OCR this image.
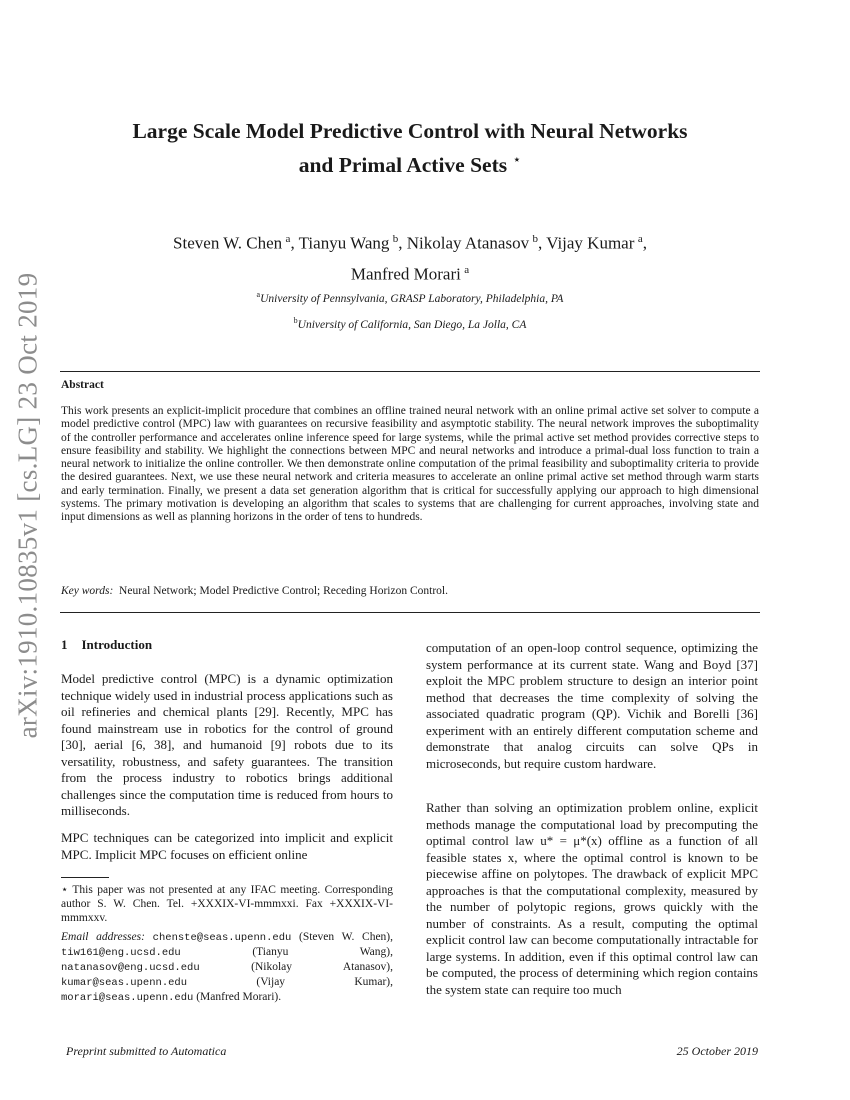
arXiv:1910.10835v1 [cs.LG] 23 Oct 2019
Large Scale Model Predictive Control with Neural Networks
and Primal Active Sets ⋆
Steven W. Chen  $^a$, Tianyu Wang  $^b$, Nikolay Atanasov  $^b$, Vijay Kumar  $^a$,
Manfred Morari  $^a$
$^a$University of Pennsylvania, GRASP Laboratory, Philadelphia, PA
$^b$University of California, San Diego, La Jolla, CA
Abstract
This work presents an explicit-implicit procedure that combines an offline trained neural network with an online primal active set solver to compute a model predictive control (MPC) law with guarantees on recursive feasibility and asymptotic stability. The neural network improves the suboptimality of the controller performance and accelerates online inference speed for large systems, while the primal active set method provides corrective steps to ensure feasibility and stability. We highlight the connections between MPC and neural networks and introduce a primal-dual loss function to train a neural network to initialize the online controller. We then demonstrate online computation of the primal feasibility and suboptimality criteria to provide the desired guarantees. Next, we use these neural network and criteria measures to accelerate an online primal active set method through warm starts and early termination. Finally, we present a data set generation algorithm that is critical for successfully applying our approach to high dimensional systems. The primary motivation is developing an algorithm that scales to systems that are challenging for current approaches, involving state and input dimensions as well as planning horizons in the order of tens to hundreds.
Key words: Neural Network; Model Predictive Control; Receding Horizon Control.
1 Introduction

Model predictive control (MPC) is a dynamic optimization technique widely used in industrial process applications such as oil refineries and chemical plants [29]. Recently, MPC has found mainstream use in robotics for the control of ground [30], aerial [6, 38], and humanoid [9] robots due to its versatility, robustness, and safety guarantees. The transition from the process industry to robotics brings additional challenges since the computation time is reduced from hours to milliseconds.

MPC techniques can be categorized into implicit and explicit MPC. Implicit MPC focuses on efficient online

⋆ This paper was not presented at any IFAC meeting. Corresponding author S. W. Chen. Tel. +XXXIX-VI-mmmxxi. Fax +XXXIX-VI-mmmxxv.

Email addresses: chenste@seas.upenn.edu (Steven W. Chen), tiw161@eng.ucsd.edu	(Tianyu Wang), natanasov@eng.ucsd.edu	(Nikolay Atanasov), kumar@seas.upenn.edu	(Vijay Kumar), morari@seas.upenn.edu (Manfred Morari).

computation of an open-loop control sequence, optimizing the system performance at its current state. Wang and Boyd [37] exploit the MPC problem structure to design an interior point method that decreases the time complexity of solving the associated quadratic program (QP). Vichik and Borelli [36] experiment with an entirely different computation scheme and demonstrate that analog circuits can solve QPs in microseconds, but require custom hardware.

Rather than solving an optimization problem online, explicit methods manage the computational load by precomputing the optimal control law u* = μ*(x) offline as a function of all feasible states x, where the optimal control is known to be piecewise affine on polytopes. The drawback of explicit MPC approaches is that the computational complexity, measured by the number of polytopic regions, grows quickly with the number of constraints. As a result, computing the optimal explicit control law can become computationally intractable for large systems. In addition, even if this optimal control law can be computed, the process of determining which region contains the system state can require too much

Preprint submitted to Automatica	25 October 2019
